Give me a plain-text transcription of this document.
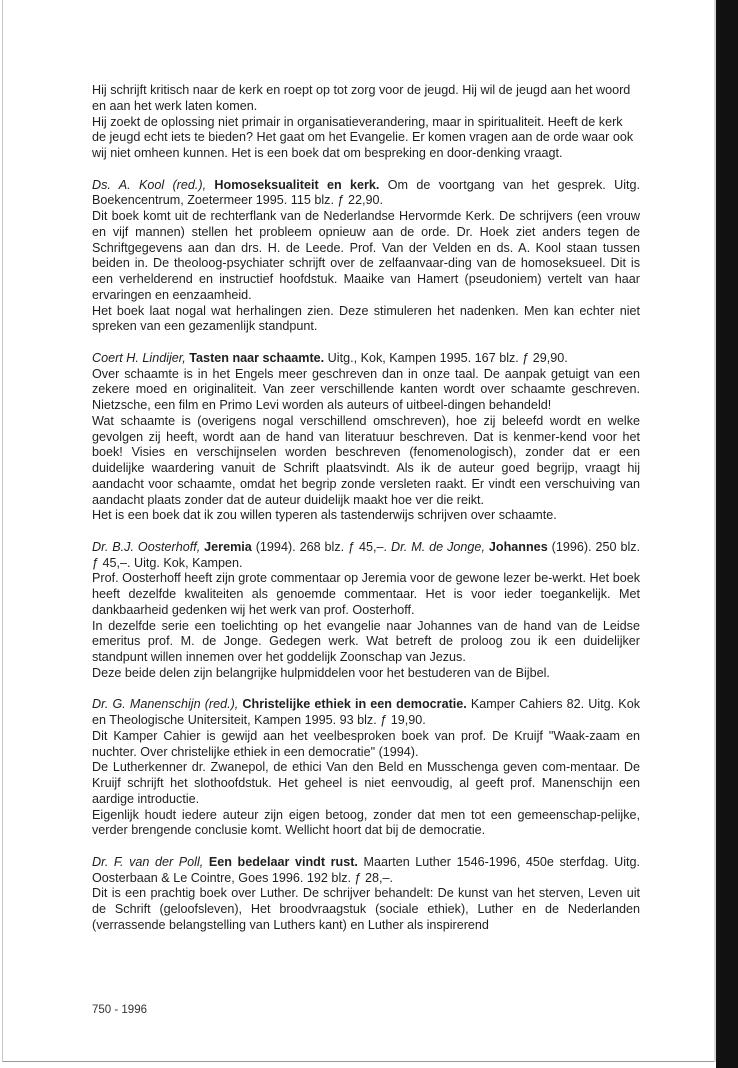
Hij schrijft kritisch naar de kerk en roept op tot zorg voor de jeugd. Hij wil de jeugd aan het woord en aan het werk laten komen.

Hij zoekt de oplossing niet primair in organisatieverandering, maar in spiritualiteit. Heeft de kerk de jeugd echt iets te bieden? Het gaat om het Evangelie. Er komen vragen aan de orde waar ook wij niet omheen kunnen. Het is een boek dat om bespreking en door-denking vraagt.

Ds. A. Kool (red.), Homoseksualiteit en kerk. Om de voortgang van het gesprek. Uitg. Boekencentrum, Zoetermeer 1995. 115 blz. ƒ 22,90.

Dit boek komt uit de rechterflank van de Nederlandse Hervormde Kerk. De schrijvers (een vrouw en vijf mannen) stellen het probleem opnieuw aan de orde. Dr. Hoek ziet anders tegen de Schriftgegevens aan dan drs. H. de Leede. Prof. Van der Velden en ds. A. Kool staan tussen beiden in. De theoloog-psychiater schrijft over de zelfaanvaar-ding van de homoseksueel. Dit is een verhelderend en instructief hoofdstuk. Maaike van Hamert (pseudoniem) vertelt van haar ervaringen en eenzaamheid.

Het boek laat nogal wat herhalingen zien. Deze stimuleren het nadenken. Men kan echter niet spreken van een gezamenlijk standpunt.

Coert H. Lindijer, Tasten naar schaamte. Uitg., Kok, Kampen 1995. 167 blz. ƒ 29,90.

Over schaamte is in het Engels meer geschreven dan in onze taal. De aanpak getuigt van een zekere moed en originaliteit. Van zeer verschillende kanten wordt over schaamte geschreven. Nietzsche, een film en Primo Levi worden als auteurs of uitbeel-dingen behandeld!

Wat schaamte is (overigens nogal verschillend omschreven), hoe zij beleefd wordt en welke gevolgen zij heeft, wordt aan de hand van literatuur beschreven. Dat is kenmer-kend voor het boek! Visies en verschijnselen worden beschreven (fenomenologisch), zonder dat er een duidelijke waardering vanuit de Schrift plaatsvindt. Als ik de auteur goed begrijp, vraagt hij aandacht voor schaamte, omdat het begrip zonde versleten raakt. Er vindt een verschuiving van aandacht plaats zonder dat de auteur duidelijk maakt hoe ver die reikt.

Het is een boek dat ik zou willen typeren als tastenderwijs schrijven over schaamte.

Dr. B.J. Oosterhoff, Jeremia (1994). 268 blz. ƒ 45,–. Dr. M. de Jonge, Johannes (1996). 250 blz. ƒ 45,–. Uitg. Kok, Kampen.

Prof. Oosterhoff heeft zijn grote commentaar op Jeremia voor de gewone lezer be-werkt. Het boek heeft dezelfde kwaliteiten als genoemde commentaar. Het is voor ieder toegankelijk. Met dankbaarheid gedenken wij het werk van prof. Oosterhoff.

In dezelfde serie een toelichting op het evangelie naar Johannes van de hand van de Leidse emeritus prof. M. de Jonge. Gedegen werk. Wat betreft de proloog zou ik een duidelijker standpunt willen innemen over het goddelijk Zoonschap van Jezus.

Deze beide delen zijn belangrijke hulpmiddelen voor het bestuderen van de Bijbel.

Dr. G. Manenschijn (red.), Christelijke ethiek in een democratie. Kamper Cahiers 82. Uitg. Kok en Theologische Unitersiteit, Kampen 1995. 93 blz. ƒ 19,90.

Dit Kamper Cahier is gewijd aan het veelbesproken boek van prof. De Kruijf "Waak-zaam en nuchter. Over christelijke ethiek in een democratie" (1994).

De Lutherkenner dr. Zwanepol, de ethici Van den Beld en Musschenga geven com-mentaar. De Kruijf schrijft het slothoofdstuk. Het geheel is niet eenvoudig, al geeft prof. Manenschijn een aardige introductie.

Eigenlijk houdt iedere auteur zijn eigen betoog, zonder dat men tot een gemeenschap-pelijke, verder brengende conclusie komt. Wellicht hoort dat bij de democratie.

Dr. F. van der Poll, Een bedelaar vindt rust. Maarten Luther 1546-1996, 450e sterfdag. Uitg. Oosterbaan & Le Cointre, Goes 1996. 192 blz. ƒ 28,–.

Dit is een prachtig boek over Luther. De schrijver behandelt: De kunst van het sterven, Leven uit de Schrift (geloofsleven), Het broodvraagstuk (sociale ethiek), Luther en de Nederlanden (verrassende belangstelling van Luthers kant) en Luther als inspirerend

750 - 1996
